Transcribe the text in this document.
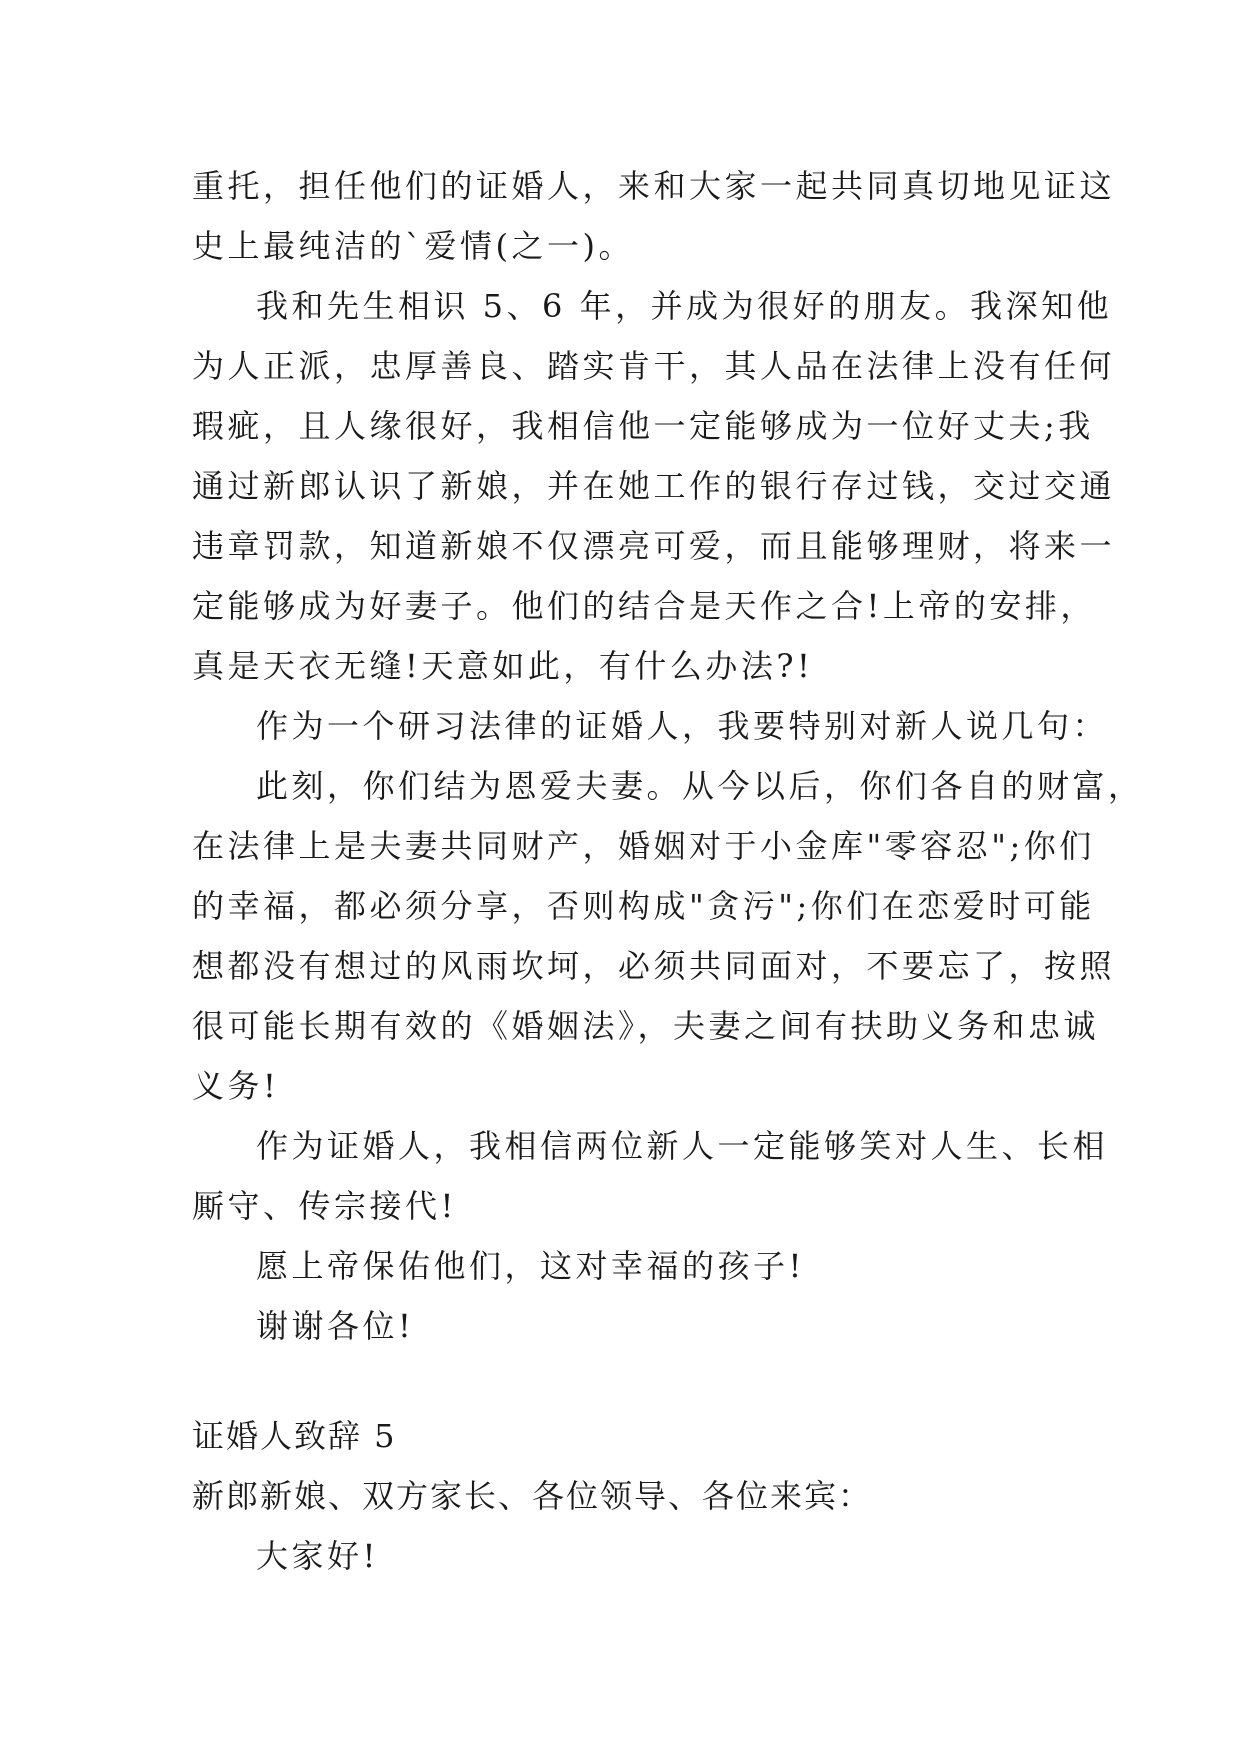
重托，担任他们的证婚人，来和大家一起共同真切地见证这
史上最纯洁的`爱情(之一)。
我和先生相识 5、6 年，并成为很好的朋友。我深知他
为人正派，忠厚善良、踏实肯干，其人品在法律上没有任何
瑕疵，且人缘很好，我相信他一定能够成为一位好丈夫;我
通过新郎认识了新娘，并在她工作的银行存过钱，交过交通
违章罚款，知道新娘不仅漂亮可爱，而且能够理财，将来一
定能够成为好妻子。他们的结合是天作之合!上帝的安排，
真是天衣无缝!天意如此，有什么办法?!
作为一个研习法律的证婚人，我要特别对新人说几句：
此刻，你们结为恩爱夫妻。从今以后，你们各自的财富，
在法律上是夫妻共同财产，婚姻对于小金库"零容忍";你们
的幸福，都必须分享，否则构成"贪污";你们在恋爱时可能
想都没有想过的风雨坎坷，必须共同面对，不要忘了，按照
很可能长期有效的《婚姻法》，夫妻之间有扶助义务和忠诚
义务!
作为证婚人，我相信两位新人一定能够笑对人生、长相
厮守、传宗接代!
愿上帝保佑他们，这对幸福的孩子!
谢谢各位!
证婚人致辞 5
新郎新娘、双方家长、各位领导、各位来宾：
大家好!
